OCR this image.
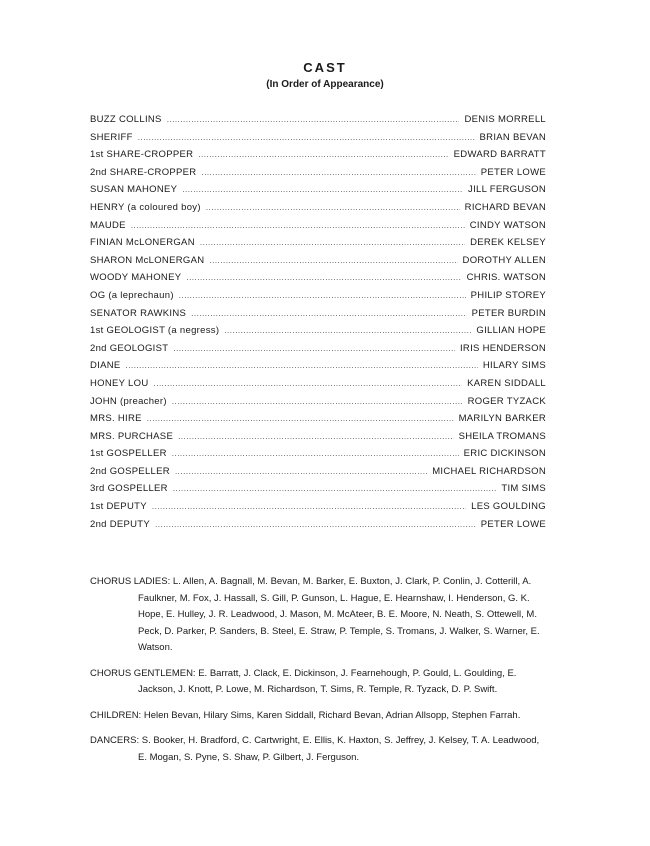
CAST
(In Order of Appearance)
BUZZ COLLINS .....	DENIS MORRELL
SHERIFF .....	BRIAN BEVAN
1st SHARE-CROPPER .....	EDWARD BARRATT
2nd SHARE-CROPPER .....	PETER LOWE
SUSAN MAHONEY .....	JILL FERGUSON
HENRY (a coloured boy) .....	RICHARD BEVAN
MAUDE .....	CINDY WATSON
FINIAN McLONERGAN .....	DEREK KELSEY
SHARON McLONERGAN .....	DOROTHY ALLEN
WOODY MAHONEY .....	CHRIS. WATSON
OG (a leprechaun) .....	PHILIP STOREY
SENATOR RAWKINS .....	PETER BURDIN
1st GEOLOGIST (a negress) .....	GILLIAN HOPE
2nd GEOLOGIST .....	IRIS HENDERSON
DIANE .....	HILARY SIMS
HONEY LOU .....	KAREN SIDDALL
JOHN (preacher) .....	ROGER TYZACK
MRS. HIRE .....	MARILYN BARKER
MRS. PURCHASE .....	SHEILA TROMANS
1st GOSPELLER .....	ERIC DICKINSON
2nd GOSPELLER .....	MICHAEL RICHARDSON
3rd GOSPELLER .....	TIM SIMS
1st DEPUTY .....	LES GOULDING
2nd DEPUTY .....	PETER LOWE
CHORUS LADIES: L. Allen, A. Bagnall, M. Bevan, M. Barker, E. Buxton, J. Clark, P. Conlin, J. Cotterill, A. Faulkner, M. Fox, J. Hassall, S. Gill, P. Gunson, L. Hague, E. Hearnshaw, I. Henderson, G. K. Hope, E. Hulley, J. R. Leadwood, J. Mason, M. McAteer, B. E. Moore, N. Neath, S. Ottewell, M. Peck, D. Parker, P. Sanders, B. Steel, E. Straw, P. Temple, S. Tromans, J. Walker, S. Warner, E. Watson.
CHORUS GENTLEMEN: E. Barratt, J. Clack, E. Dickinson, J. Fearnehough, P. Gould, L. Goulding, E. Jackson, J. Knott, P. Lowe, M. Richardson, T. Sims, R. Temple, R. Tyzack, D. P. Swift.
CHILDREN: Helen Bevan, Hilary Sims, Karen Siddall, Richard Bevan, Adrian Allsopp, Stephen Farrah.
DANCERS: S. Booker, H. Bradford, C. Cartwright, E. Ellis, K. Haxton, S. Jeffrey, J. Kelsey, T. A. Leadwood, E. Mogan, S. Pyne, S. Shaw, P. Gilbert, J. Ferguson.
